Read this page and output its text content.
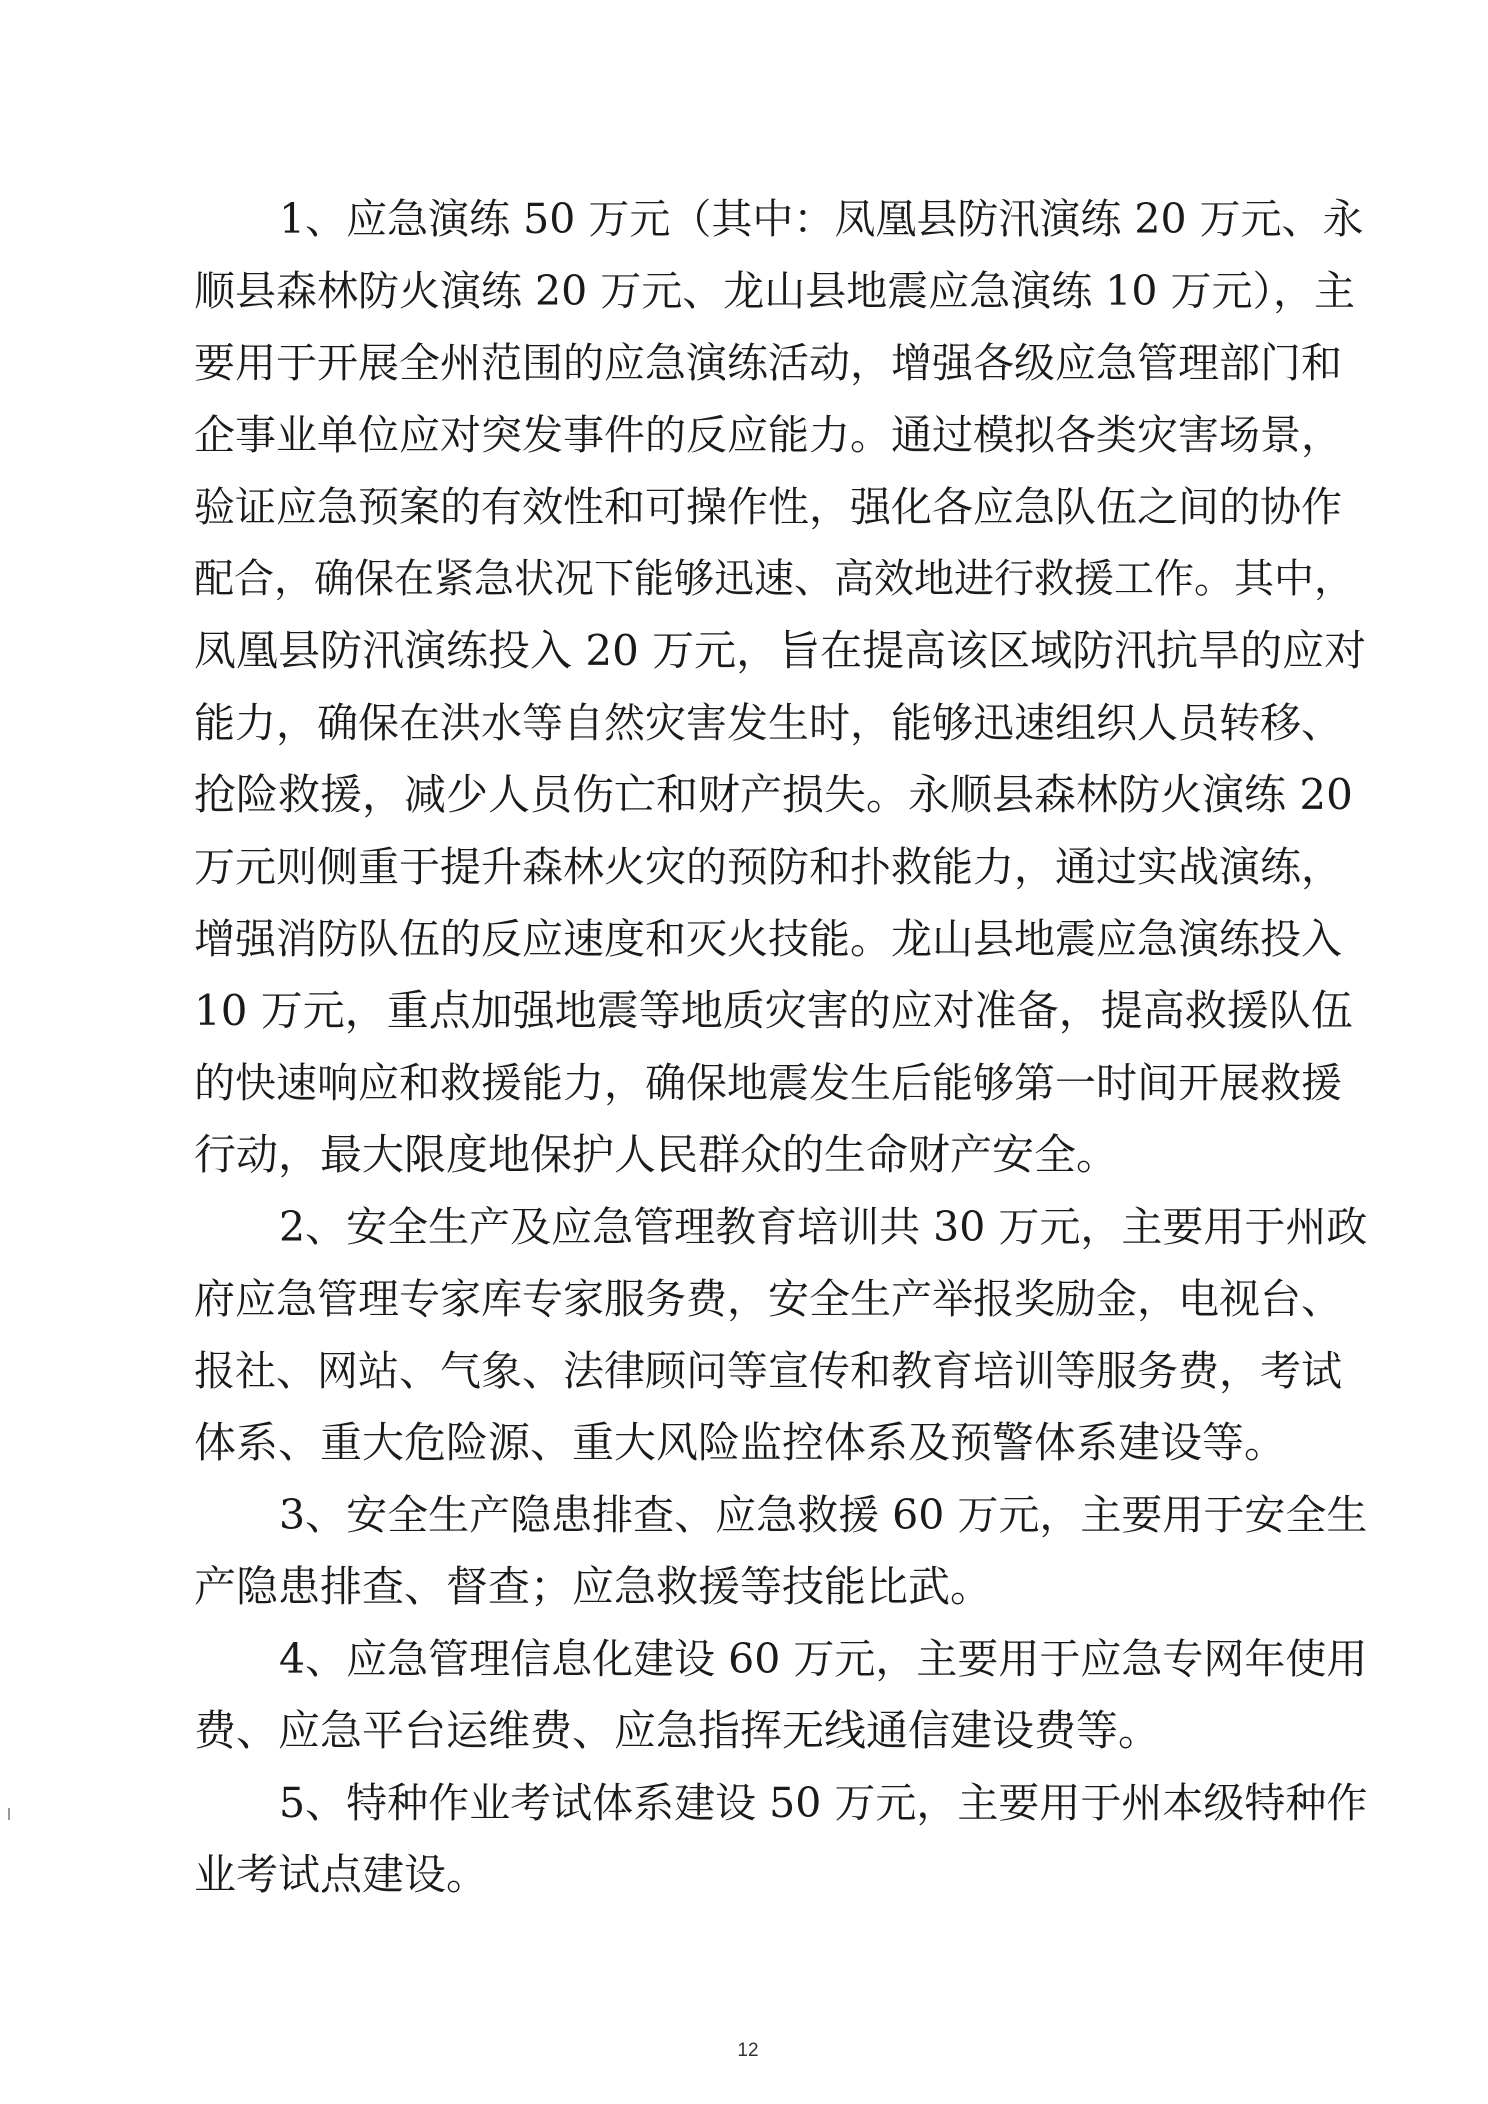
1、应急演练 50 万元（其中：凤凰县防汛演练 20 万元、永
顺县森林防火演练 20 万元、龙山县地震应急演练 10 万元），主
要用于开展全州范围的应急演练活动，增强各级应急管理部门和
企事业单位应对突发事件的反应能力。通过模拟各类灾害场景，
验证应急预案的有效性和可操作性，强化各应急队伍之间的协作
配合，确保在紧急状况下能够迅速、高效地进行救援工作。其中，
凤凰县防汛演练投入 20 万元，旨在提高该区域防汛抗旱的应对
能力，确保在洪水等自然灾害发生时，能够迅速组织人员转移、
抢险救援，减少人员伤亡和财产损失。永顺县森林防火演练 20
万元则侧重于提升森林火灾的预防和扑救能力，通过实战演练，
增强消防队伍的反应速度和灭火技能。龙山县地震应急演练投入
10 万元，重点加强地震等地质灾害的应对准备，提高救援队伍
的快速响应和救援能力，确保地震发生后能够第一时间开展救援
行动，最大限度地保护人民群众的生命财产安全。
2、安全生产及应急管理教育培训共 30 万元，主要用于州政
府应急管理专家库专家服务费，安全生产举报奖励金，电视台、
报社、网站、气象、法律顾问等宣传和教育培训等服务费，考试
体系、重大危险源、重大风险监控体系及预警体系建设等。
3、安全生产隐患排查、应急救援 60 万元，主要用于安全生
产隐患排查、督查；应急救援等技能比武。
4、应急管理信息化建设 60 万元，主要用于应急专网年使用
费、应急平台运维费、应急指挥无线通信建设费等。
5、特种作业考试体系建设 50 万元，主要用于州本级特种作
业考试点建设。
12
